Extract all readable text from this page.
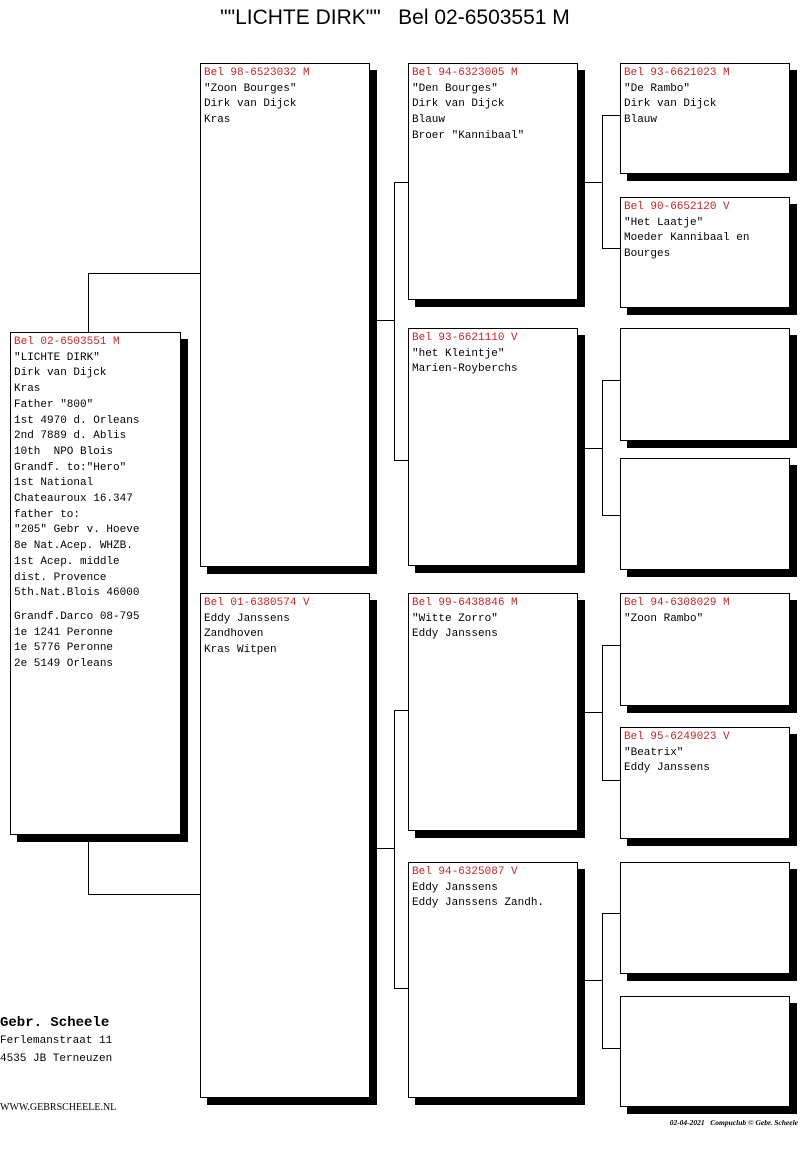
""LICHTE DIRK""   Bel 02-6503551 M
Bel 02-6503551 M
"LICHTE DIRK"
Dirk van Dijck
Kras
Father "800"
1st 4970 d. Orleans
2nd 7889 d. Ablis
10th  NPO Blois
Grandf. to:"Hero"
1st National
Chateauroux 16.347
father to:
"205" Gebr v. Hoeve
8e Nat.Acep. WHZB.
1st Acep. middle
dist. Provence
5th.Nat.Blois 46000
Grandf.Darco 08-795
1e 1241 Peronne
1e 5776 Peronne
2e 5149 Orleans
Bel 98-6523032 M
"Zoon Bourges"
Dirk van Dijck
Kras
Bel 01-6380574 V
Eddy Janssens
Zandhoven
Kras Witpen
Bel 94-6323005 M
"Den Bourges"
Dirk van Dijck
Blauw
Broer "Kannibaal"
Bel 93-6621110 V
"het Kleintje"
Marien-Royberchs
Bel 99-6438846 M
"Witte Zorro"
Eddy Janssens
Bel 94-6325087 V
Eddy Janssens
Eddy Janssens Zandh.
Bel 93-6621023 M
"De Rambo"
Dirk van Dijck
Blauw
Bel 90-6652120 V
"Het Laatje"
Moeder Kannibaal en
Bourges
Bel 94-6308029 M
"Zoon Rambo"
Bel 95-6249023 V
"Beatrix"
Eddy Janssens
Gebr. Scheele
Ferlemanstraat 11
4535 JB Terneuzen
WWW.GEBRSCHEELE.NL
02-04-2021   Compuclub © Gebr. Scheele
